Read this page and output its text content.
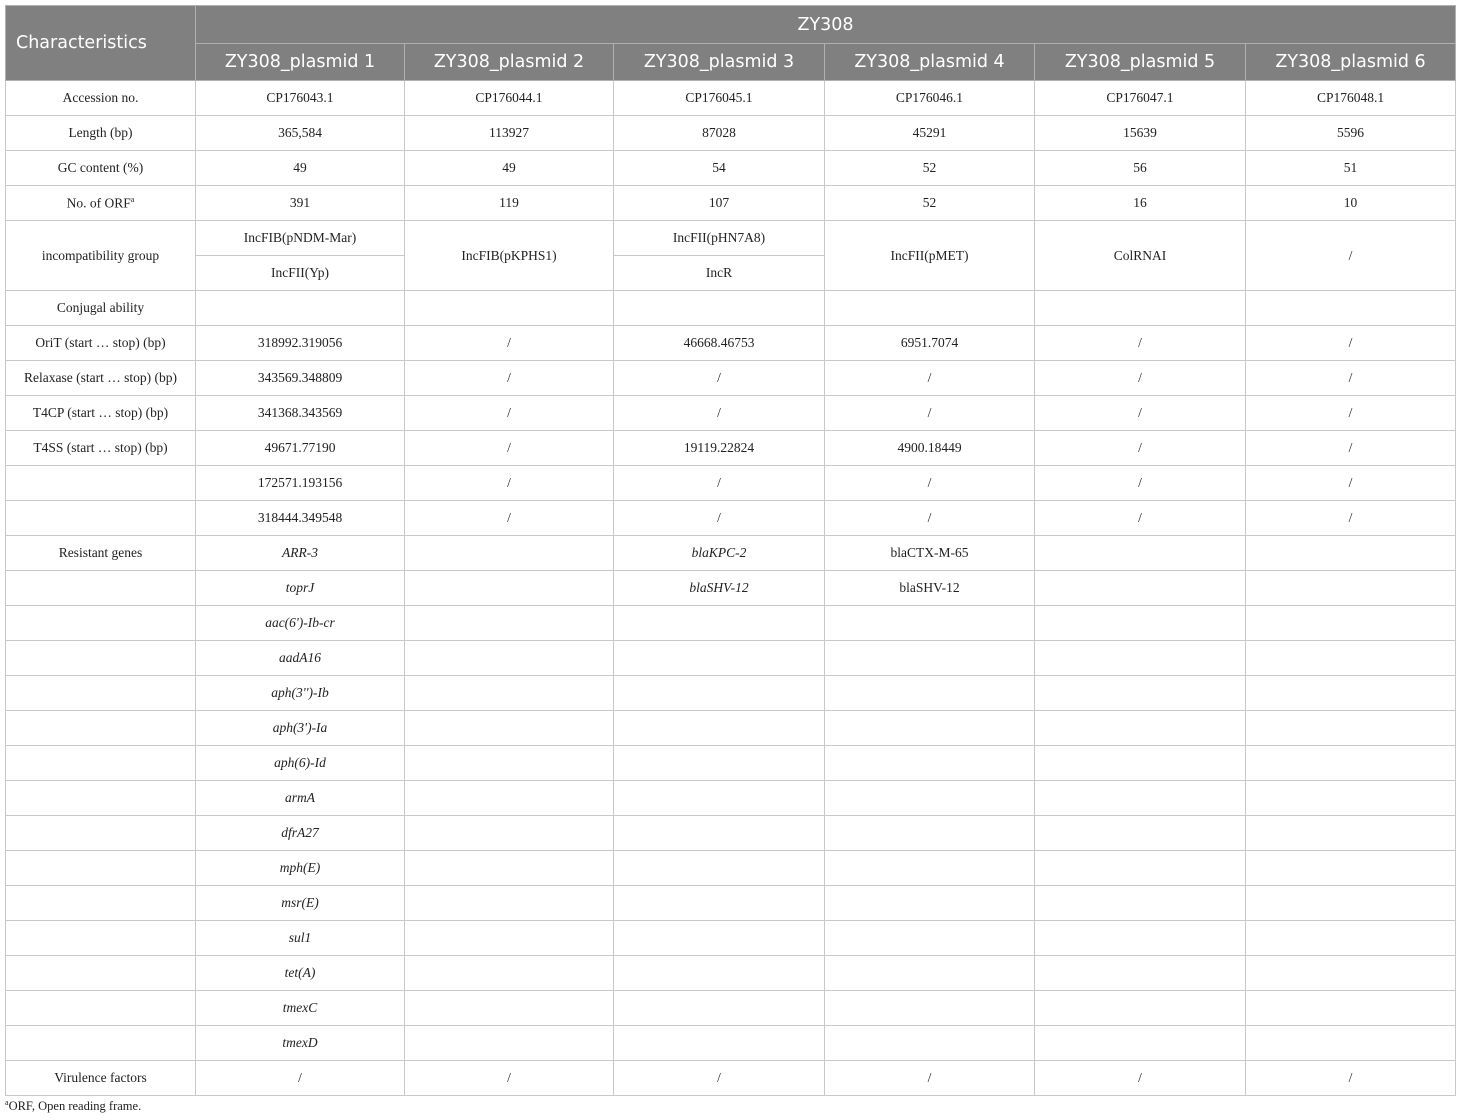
Characteristics	ZY308					
	ZY308_plasmid 1	ZY308_plasmid 2	ZY308_plasmid 3	ZY308_plasmid 4	ZY308_plasmid 5	ZY308_plasmid 6
Accession no.	CP176043.1	CP176044.1	CP176045.1	CP176046.1	CP176047.1	CP176048.1
Length (bp)	365,584	113927	87028	45291	15639	5596
GC content (%)	49	49	54	52	56	51
No. of ORF$^a$	391	119	107	52	16	10
incompatibility group	IncFIB(pNDM-Mar)	IncFIB(pKPHS1)	IncFII(pHN7A8)	IncFII(pMET)	ColRNAI	/
	IncFII(Yp)		IncR			
Conjugal ability						
OriT (start … stop) (bp)	318992.319056	/	46668.46753	6951.7074	/	/
Relaxase (start … stop) (bp)	343569.348809	/	/	/	/	/
T4CP (start … stop) (bp)	341368.343569	/	/	/	/	/
T4SS (start … stop) (bp)	49671.77190	/	19119.22824	4900.18449	/	/
	172571.193156	/	/	/	/	/
	318444.349548	/	/	/	/	/
Resistant genes	ARR-3		blaKPC-2	blaCTX-M-65		
	toprJ		blaSHV-12	blaSHV-12		
	aac(6')-Ib-cr					
	aadA16					
	aph(3'')-Ib					
	aph(3')-Ia					
	aph(6)-Id					
	armA					
	dfrA27					
	mph(E)					
	msr(E)					
	sul1					
	tet(A)					
	tmexC					
	tmexD					
Virulence factors	/	/	/	/	/	/
$^a$ORF, Open reading frame.
